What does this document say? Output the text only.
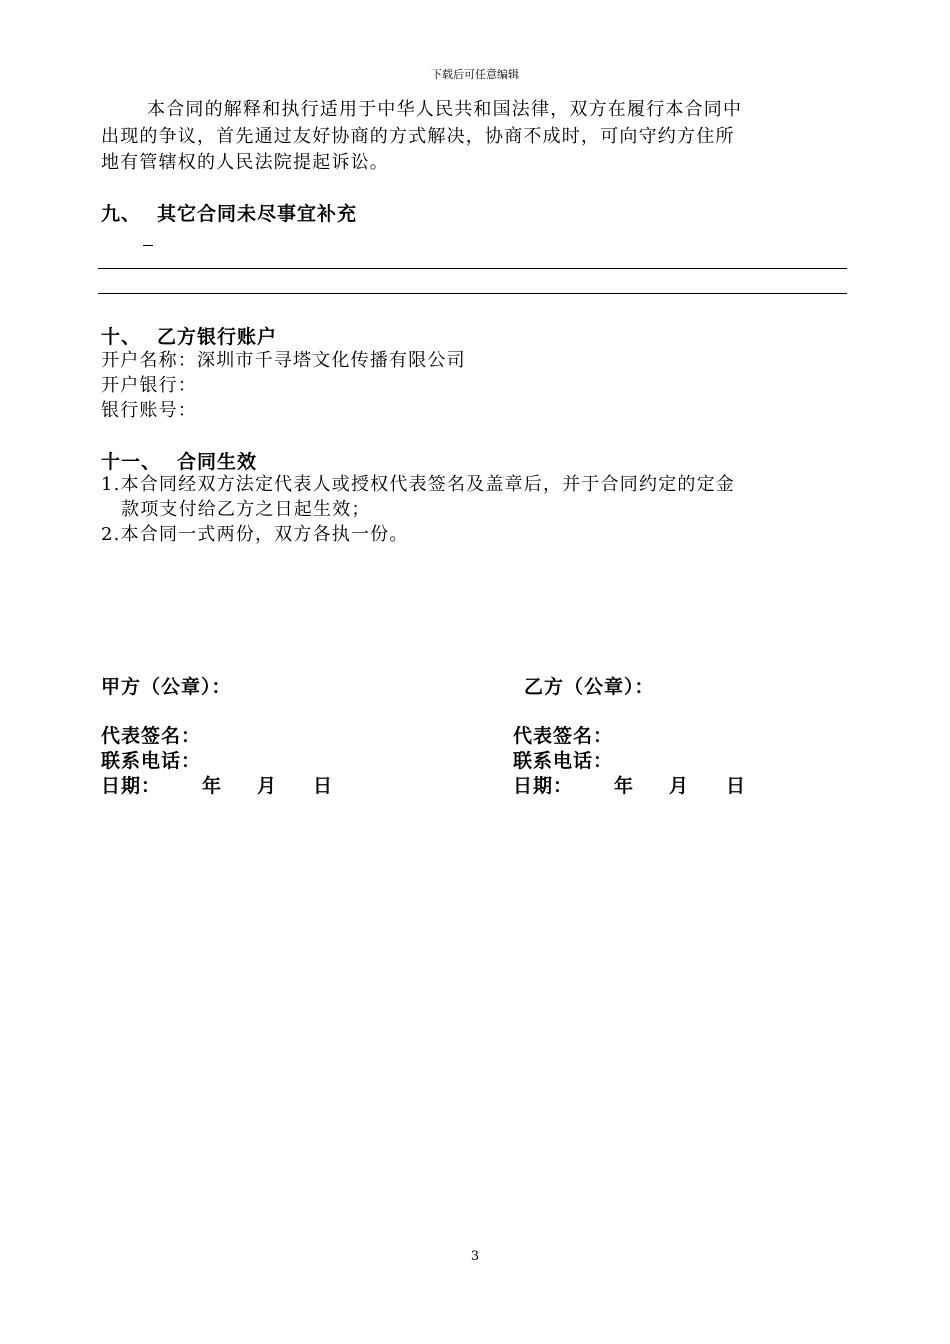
下载后可任意编辑
本合同的解释和执行适用于中华人民共和国法律，双方在履行本合同中
出现的争议，首先通过友好协商的方式解决，协商不成时，可向守约方住所
地有管辖权的人民法院提起诉讼。
九、 其它合同未尽事宜补充
十、 乙方银行账户
开户名称：深圳市千寻塔文化传播有限公司
开户银行：
银行账号：
十一、 合同生效
1.本合同经双方法定代表人或授权代表签名及盖章后，并于合同约定的定金
款项支付给乙方之日起生效；
2.本合同一式两份，双方各执一份。
甲方（公章）：
代表签名：
联系电话：
日期： 年 月 日
乙方（公章）：
代表签名：
联系电话：
日期： 年 月 日
3
